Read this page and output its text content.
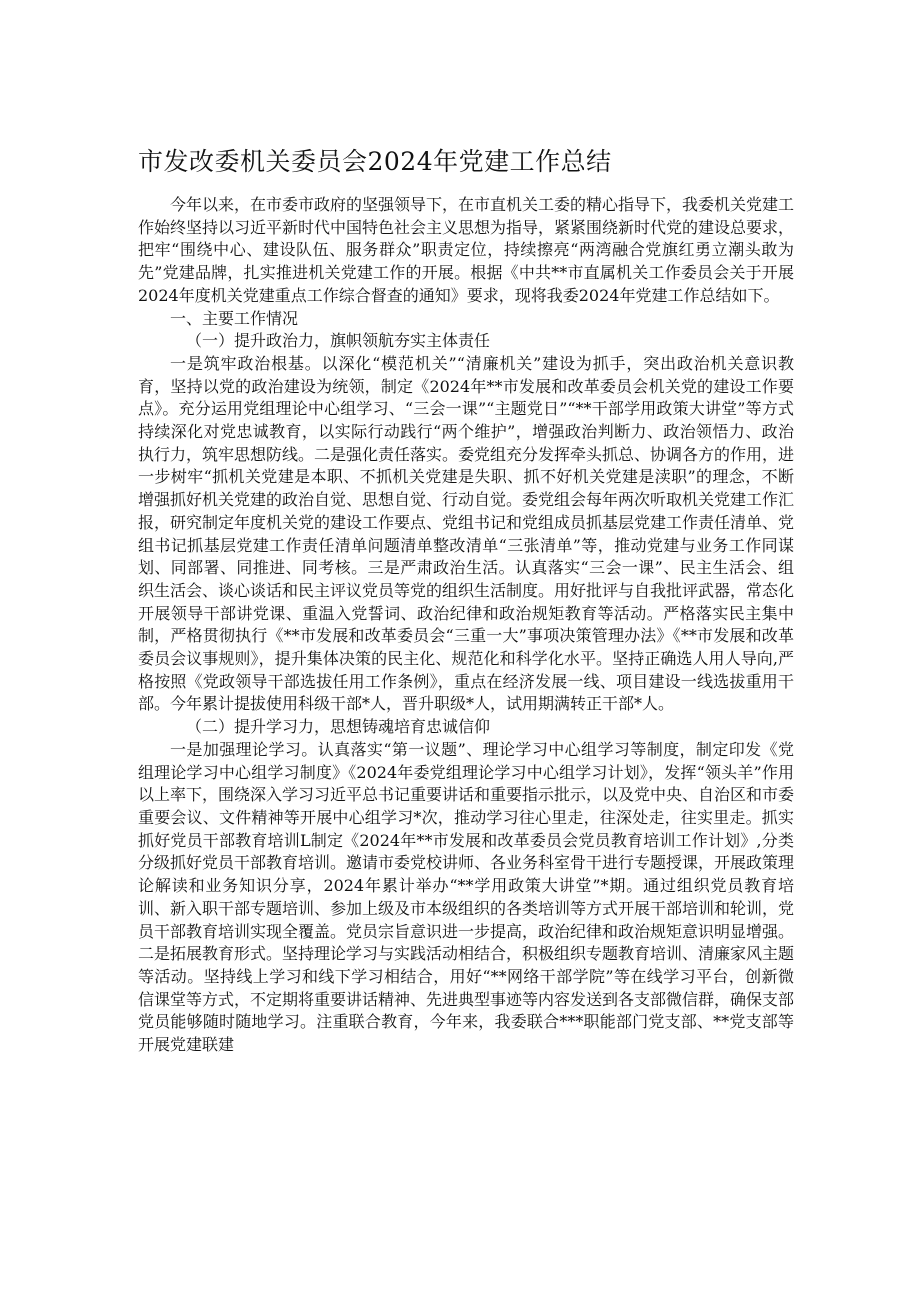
市发改委机关委员会2024年党建工作总结

今年以来，在市委市政府的坚强领导下，在市直机关工委的精心指导下，我委机关党建工作始终坚持以习近平新时代中国特色社会主义思想为指导，紧紧围绕新时代党的建设总要求，把牢“围绕中心、建设队伍、服务群众”职责定位，持续擦亮“两湾融合党旗红勇立潮头敢为先”党建品牌，扎实推进机关党建工作的开展。根据《中共**市直属机关工作委员会关于开展2024年度机关党建重点工作综合督查的通知》要求，现将我委2024年党建工作总结如下。

一、主要工作情况

（一）提升政治力，旗帜领航夯实主体责任

一是筑牢政治根基。以深化“模范机关”“清廉机关”建设为抓手，突出政治机关意识教育，坚持以党的政治建设为统领，制定《2024年**市发展和改革委员会机关党的建设工作要点》。充分运用党组理论中心组学习、“三会一课”“主题党日”“**干部学用政策大讲堂”等方式持续深化对党忠诚教育，以实际行动践行“两个维护”，增强政治判断力、政治领悟力、政治执行力，筑牢思想防线。二是强化责任落实。委党组充分发挥牵头抓总、协调各方的作用，进一步树牢“抓机关党建是本职、不抓机关党建是失职、抓不好机关党建是渎职”的理念，不断增强抓好机关党建的政治自觉、思想自觉、行动自觉。委党组会每年两次听取机关党建工作汇报，研究制定年度机关党的建设工作要点、党组书记和党组成员抓基层党建工作责任清单、党组书记抓基层党建工作责任清单问题清单整改清单“三张清单”等，推动党建与业务工作同谋划、同部署、同推进、同考核。三是严肃政治生活。认真落实“三会一课”、民主生活会、组织生活会、谈心谈话和民主评议党员等党的组织生活制度。用好批评与自我批评武器，常态化开展领导干部讲党课、重温入党誓词、政治纪律和政治规矩教育等活动。严格落实民主集中制，严格贯彻执行《**市发展和改革委员会“三重一大”事项决策管理办法》《**市发展和改革委员会议事规则》，提升集体决策的民主化、规范化和科学化水平。坚持正确选人用人导向,严格按照《党政领导干部选拔任用工作条例》，重点在经济发展一线、项目建设一线选拔重用干部。今年累计提拔使用科级干部*人，晋升职级*人，试用期满转正干部*人。

（二）提升学习力，思想铸魂培育忠诚信仰

一是加强理论学习。认真落实“第一议题”、理论学习中心组学习等制度，制定印发《党组理论学习中心组学习制度》《2024年委党组理论学习中心组学习计划》，发挥“领头羊”作用以上率下，围绕深入学习习近平总书记重要讲话和重要指示批示，以及党中央、自治区和市委重要会议、文件精神等开展中心组学习*次，推动学习往心里走，往深处走，往实里走。抓实抓好党员干部教育培训L制定《2024年**市发展和改革委员会党员教育培训工作计划》,分类分级抓好党员干部教育培训。邀请市委党校讲师、各业务科室骨干进行专题授课，开展政策理论解读和业务知识分享，2024年累计举办“**学用政策大讲堂”*期。通过组织党员教育培训、新入职干部专题培训、参加上级及市本级组织的各类培训等方式开展干部培训和轮训，党员干部教育培训实现全覆盖。党员宗旨意识进一步提高，政治纪律和政治规矩意识明显增强。二是拓展教育形式。坚持理论学习与实践活动相结合，积极组织专题教育培训、清廉家风主题等活动。坚持线上学习和线下学习相结合，用好“**网络干部学院”等在线学习平台，创新微信课堂等方式，不定期将重要讲话精神、先进典型事迹等内容发送到各支部微信群，确保支部党员能够随时随地学习。注重联合教育，今年来，我委联合***职能部门党支部、**党支部等开展党建联建
